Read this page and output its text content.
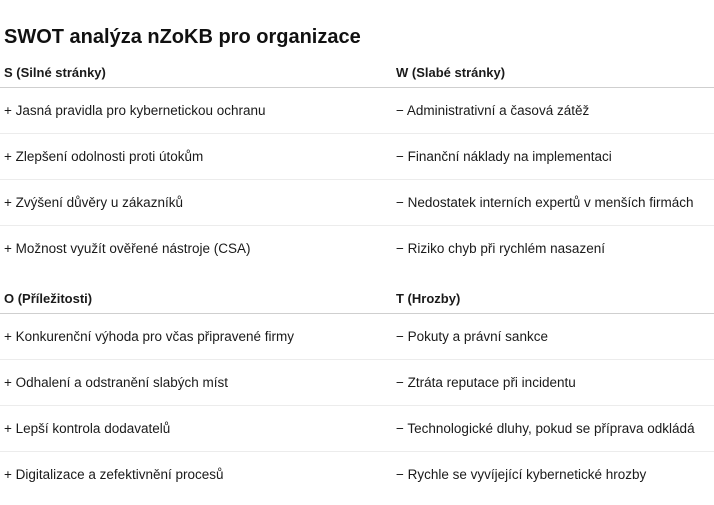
SWOT analýza nZoKB pro organizace
S (Silné stránky)	W (Slabé stránky)
+ Jasná pravidla pro kybernetickou ochranu	− Administrativní a časová zátěž
+ Zlepšení odolnosti proti útokům	− Finanční náklady na implementaci
+ Zvýšení důvěry u zákazníků	− Nedostatek interních expertů v menších firmách
+ Možnost využít ověřené nástroje (CSA)	− Riziko chyb při rychlém nasazení
O (Příležitosti)	T (Hrozby)
+ Konkurenční výhoda pro včas připravené firmy	− Pokuty a právní sankce
+ Odhalení a odstranění slabých míst	− Ztráta reputace při incidentu
+ Lepší kontrola dodavatelů	− Technologické dluhy, pokud se příprava odkládá
+ Digitalizace a zefektivnění procesů	− Rychle se vyvíjející kybernetické hrozby
